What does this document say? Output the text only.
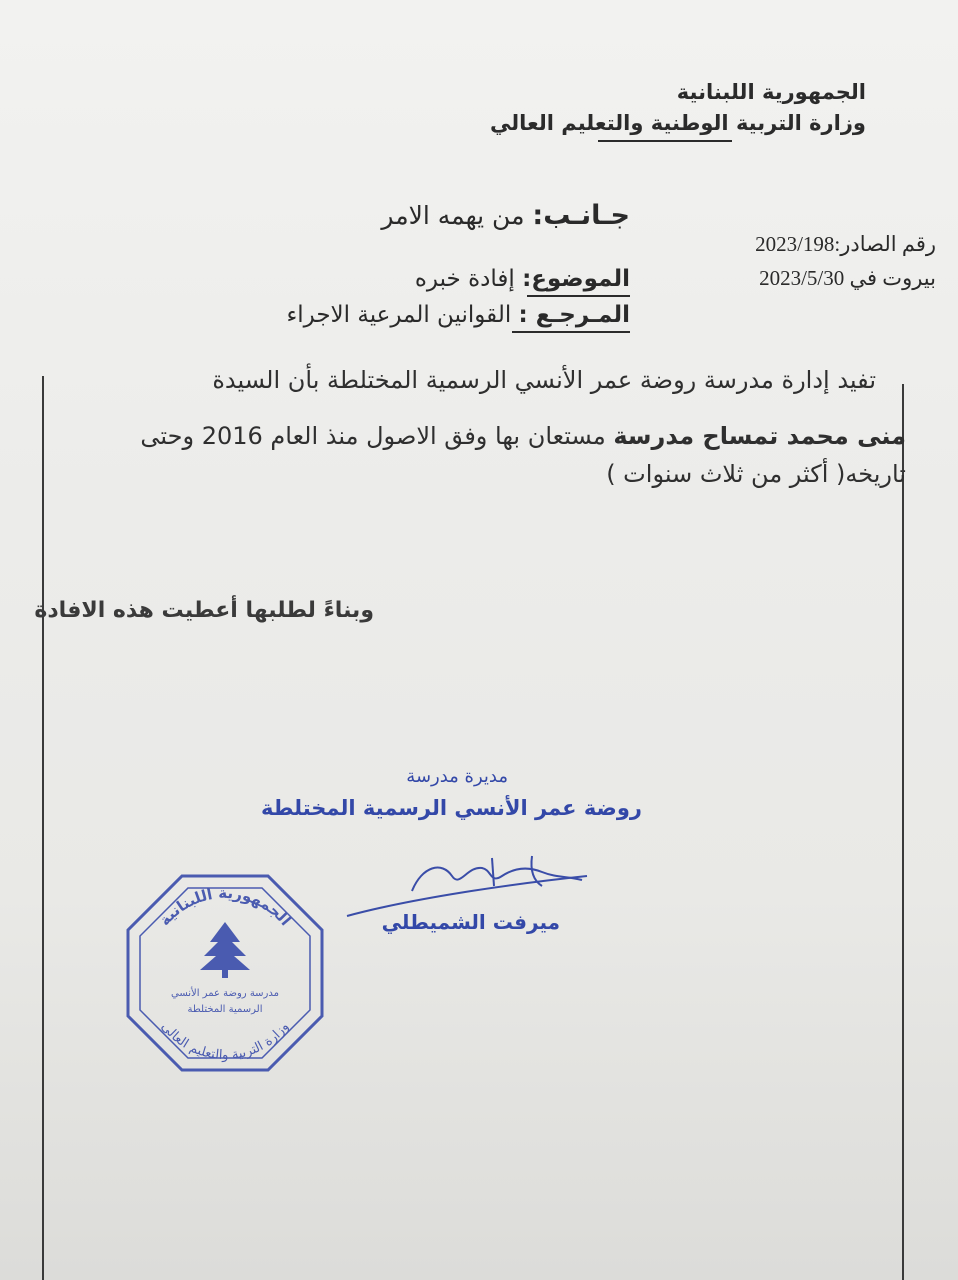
الجمهورية اللبنانية
وزارة التربية الوطنية والتعليم العالي
جـانـب: من يهمه الامر
رقم الصادر:2023/198
بيروت في 2023/5/30
الموضوع: إفادة خبره
المـرجـع : القوانين المرعية الاجراء
تفيد إدارة مدرسة روضة عمر الأنسي الرسمية المختلطة بأن السيدة
منى محمد تمساح مدرسة مستعان بها وفق الاصول منذ العام 2016 وحتى
تاريخه( أكثر من ثلاث سنوات )
وبناءً لطلبها أعطيت هذه الافادة
مديرة مدرسة
روضة عمر الأنسي الرسمية المختلطة
ميرفت الشميطلي
الجمهورية اللبنانية
وزارة التربية والتعليم العالي
مدرسة روضة عمر الأنسي
الرسمية المختلطة
